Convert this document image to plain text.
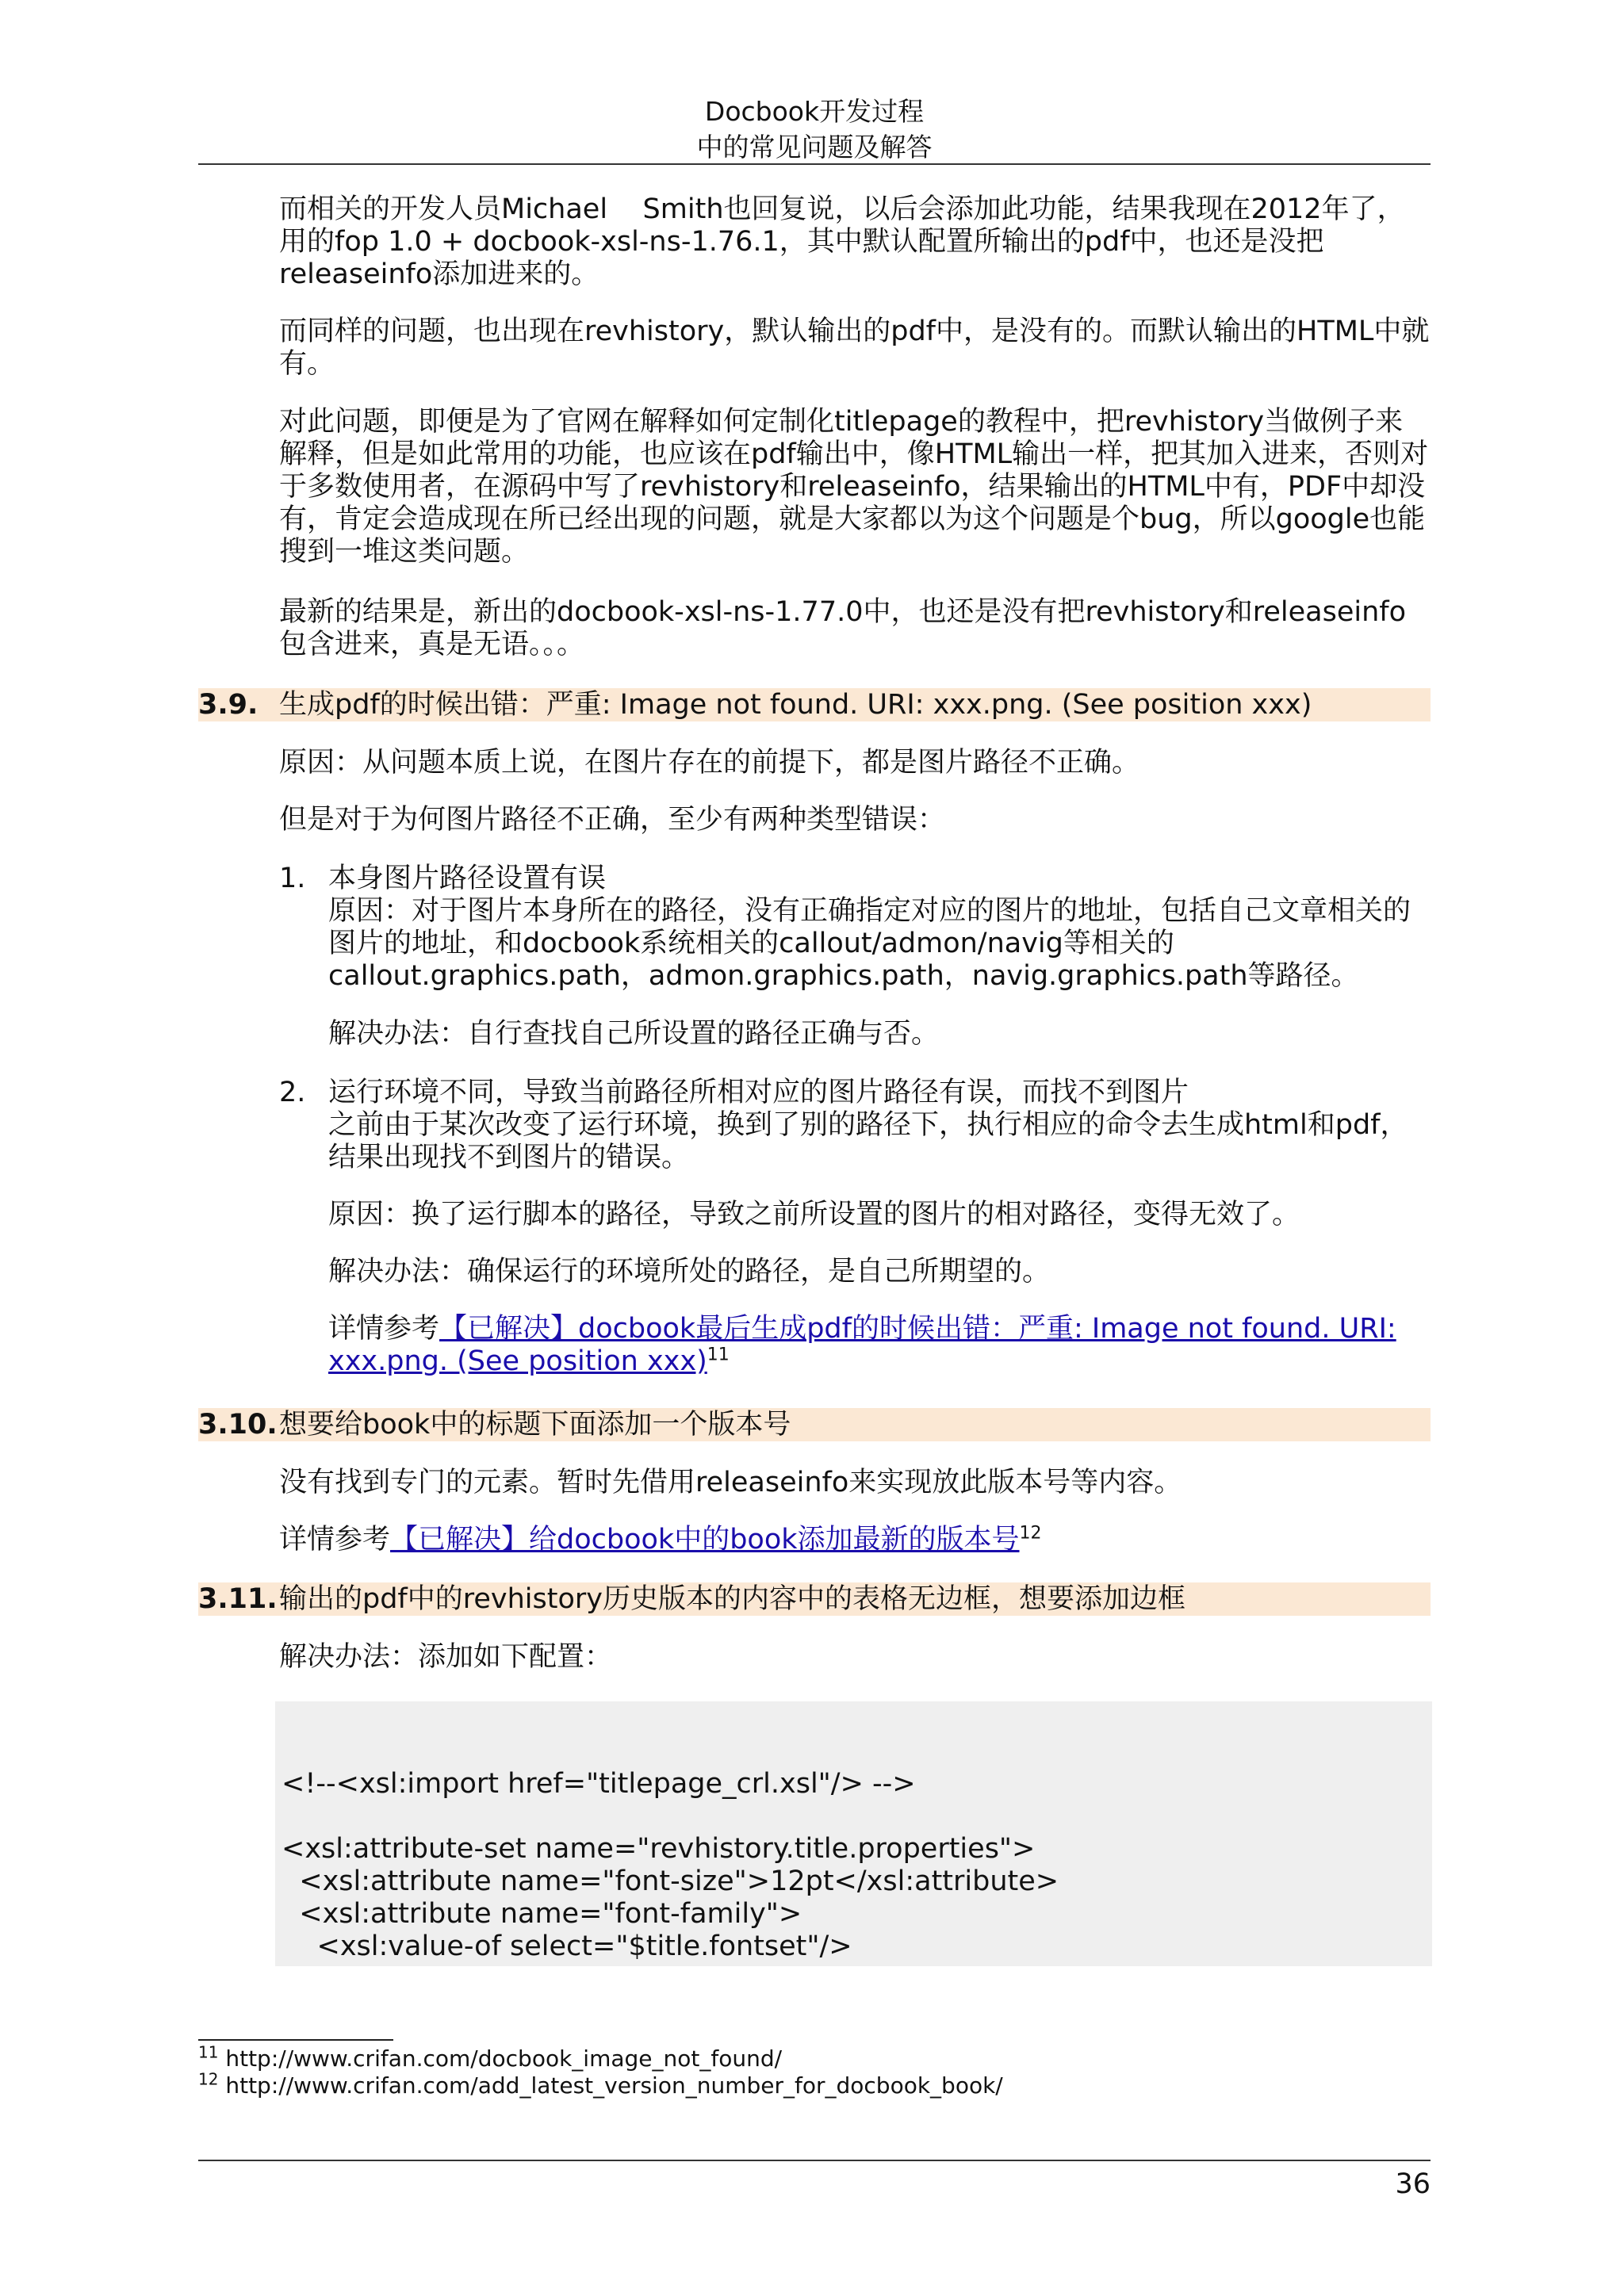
Docbook开发过程
中的常见问题及解答

而相关的开发人员Michael    Smith也回复说，以后会添加此功能，结果我现在2012年了，用的fop 1.0 + docbook-xsl-ns-1.76.1，其中默认配置所输出的pdf中，也还是没把releaseinfo添加进来的。

而同样的问题，也出现在revhistory，默认输出的pdf中，是没有的。而默认输出的HTML中就有。

对此问题，即便是为了官网在解释如何定制化titlepage的教程中，把revhistory当做例子来解释，但是如此常用的功能，也应该在pdf输出中，像HTML输出一样，把其加入进来，否则对于多数使用者，在源码中写了revhistory和releaseinfo，结果输出的HTML中有，PDF中却没有，肯定会造成现在所已经出现的问题，就是大家都以为这个问题是个bug，所以google也能搜到一堆这类问题。

最新的结果是，新出的docbook-xsl-ns-1.77.0中，也还是没有把revhistory和releaseinfo包含进来，真是无语。。。

3.9. 生成pdf的时候出错：严重: Image not found. URI: xxx.png. (See position xxx)

原因：从问题本质上说，在图片存在的前提下，都是图片路径不正确。

但是对于为何图片路径不正确，至少有两种类型错误：

1. 本身图片路径设置有误

原因：对于图片本身所在的路径，没有正确指定对应的图片的地址，包括自己文章相关的图片的地址，和docbook系统相关的callout/admon/navig等相关的callout.graphics.path，admon.graphics.path，navig.graphics.path等路径。

解决办法：自行查找自己所设置的路径正确与否。

2. 运行环境不同，导致当前路径所相对应的图片路径有误，而找不到图片

之前由于某次改变了运行环境，换到了别的路径下，执行相应的命令去生成html和pdf，结果出现找不到图片的错误。

原因：换了运行脚本的路径，导致之前所设置的图片的相对路径，变得无效了。

解决办法：确保运行的环境所处的路径，是自己所期望的。

详情参考【已解决】docbook最后生成pdf的时候出错：严重: Image not found. URI: xxx.png. (See position xxx)$^{11}$

3.10. 想要给book中的标题下面添加一个版本号

没有找到专门的元素。暂时先借用releaseinfo来实现放此版本号等内容。

详情参考【已解决】给docbook中的book添加最新的版本号$^{12}$

3.11. 输出的pdf中的revhistory历史版本的内容中的表格无边框，想要添加边框

解决办法：添加如下配置：

<!--<xsl:import href="titlepage_crl.xsl"/> -->
<xsl:attribute-set name="revhistory.title.properties">
<xsl:attribute name="font-size">12pt</xsl:attribute>
<xsl:attribute name="font-family">
<xsl:value-of select="$title.fontset"/>
$^{11}$ http://www.crifan.com/docbook_image_not_found/
$^{12}$ http://www.crifan.com/add_latest_version_number_for_docbook_book/
36
